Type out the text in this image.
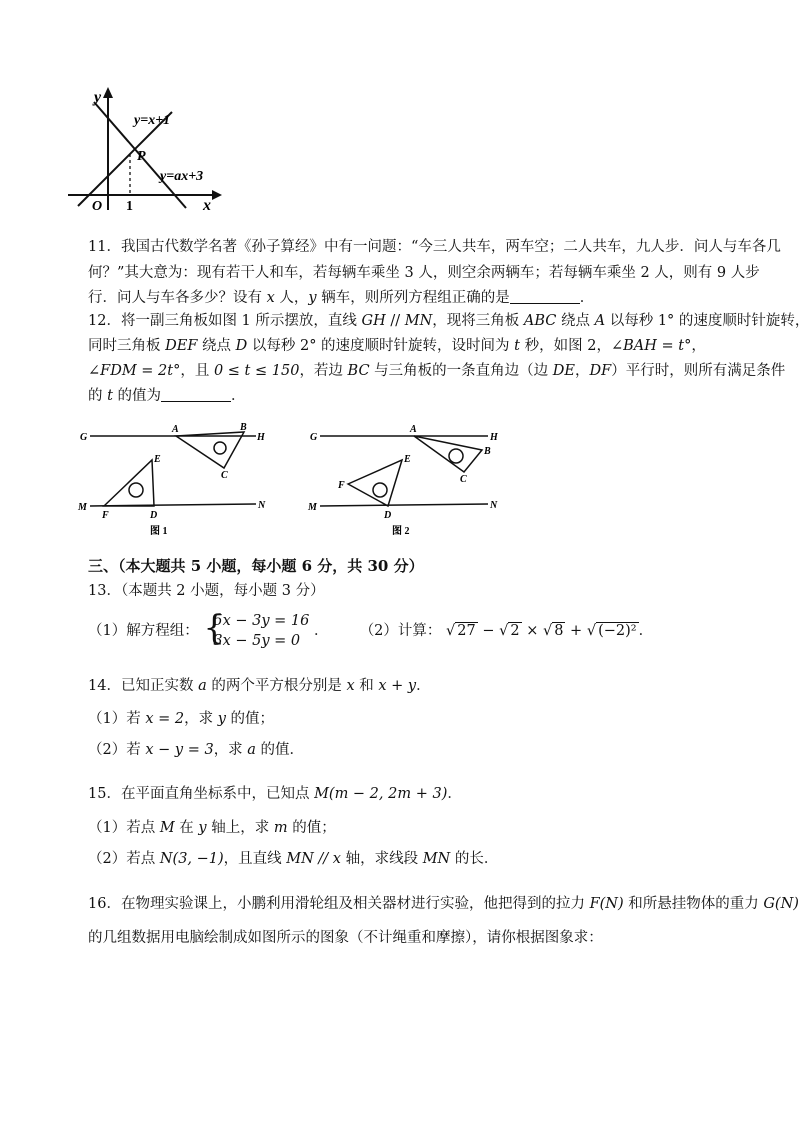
y
x
O 1
P
y=x+1
y=ax+3
11．我国古代数学名著《孙子算经》中有一问题：“今三人共车，两车空；二人共车，九人步．问人与车各几
何？”其大意为：现有若干人和车，若每辆车乘坐 3 人，则空余两辆车；若每辆车乘坐 2 人，则有 9 人步
行．问人与车各多少？设有 x 人，y 辆车，则所列方程组正确的是	．
12．将一副三角板如图 1 所示摆放，直线 GH // MN，现将三角板 ABC 绕点 A 以每秒 1° 的速度顺时针旋转，
同时三角板 DEF 绕点 D 以每秒 2° 的速度顺时针旋转，设时间为 t 秒，如图 2，∠BAH = t°，
∠FDM = 2t°，且 0 ≤ t ≤ 150，若边 BC 与三角板的一条直角边（边 DE，DF）平行时，则所有满足条件
的 t 的值为	．
G
A	B
H
C
E
M
F	D
N
图 1
G
A
H
B
C
E
F
M
D
N
图 2
三、（本大题共 5 小题，每小题 6 分，共 30 分）
13．（本题共 2 小题，每小题 3 分）
（1）解方程组： {
5x − 3y = 16
3x − 5y = 0
． （2）计算： √ 27 − √ 2 × √ 8 + √ (−2)² ．
14．已知正实数 a 的两个平方根分别是 x 和 x + y．
（1）若 x = 2，求 y 的值；
（2）若 x − y = 3，求 a 的值．
15．在平面直角坐标系中，已知点 M(m − 2, 2m + 3)．
（1）若点 M 在 y 轴上，求 m 的值；
（2）若点 N(3, −1)，且直线 MN // x 轴，求线段 MN 的长．
16．在物理实验课上，小鹏利用滑轮组及相关器材进行实验，他把得到的拉力 F(N) 和所悬挂物体的重力 G(N)
的几组数据用电脑绘制成如图所示的图象（不计绳重和摩擦），请你根据图象求：
